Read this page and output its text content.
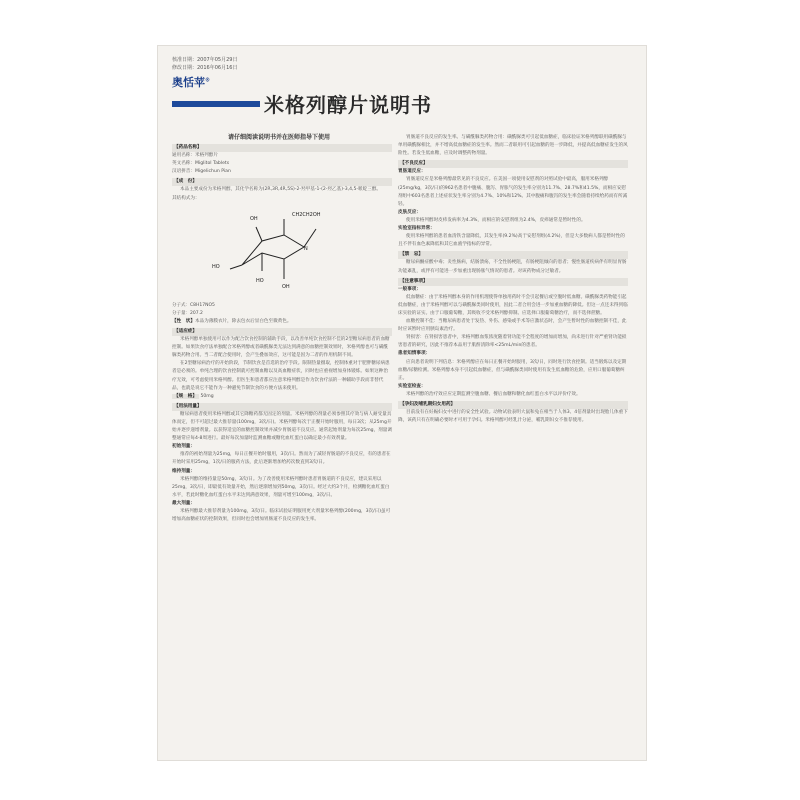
核准日期：2007年05月29日
修改日期：2016年06月16日
奥恬苹®
米格列醇片说明书
请仔细阅读说明书并在医师指导下使用
【药品名称】
通用名称：米格列醇片
英文名称：Miglitol Tablets
汉语拼音：Migelichun Pian
【成　份】
本品主要成份为米格列醇，其化学名称为(2R,3R,4R,5S)-2-羟甲基-1-(2-羟乙基)-3,4,5-哌啶三醇。
其结构式为：
OH
CH2CH2OH
N
HO
HO
OH
分子式：C8H17NO5
分子量：207.2
【性　状】本品为薄膜衣片，除去包衣后显白色至微黄色。
【适应症】
米格列醇单独使用可以作为配合饮食控制的辅助手段，以改善单纯饮食控制不佳的2型糖尿病患者的血糖控制。如果饮食疗法单独配合米格列醇或者磺酰脲类无法达到满意的血糖控制效果时，米格列醇也可与磺酰脲类药物合用。当二者配合使用时，会产生叠加效应，这可能是因为二者的作用机制不同。
在2型糖尿病治疗的开始阶段，节制饮食是首选的治疗手段。限制热量摄取，控制体重对于肥胖糖尿病患者是必须的。单纯合理的饮食控制就可控制血糖以及高血糖症状，同时也应重视增加身体锻炼。如果这种治疗无效，可考虑使用米格列醇。但医生和患者都应注意米格列醇是作为饮食疗法的一种辅助手段而非替代品，也就是说它不能作为一种避免节制饮食的方便方法来使用。
【规　格】 50mg
【用法用量】
糖尿病患者使用米格列醇或其它降糖药都无固定的剂量。米格列醇的剂量必须参照其疗效与病人耐受量具体而定，但不可超过最大推荐量(100mg，3次/日)。米格列醇每次于正餐开始时服用，每日3次；从25mg开始并逐步递增剂量。以获得适宜的血糖控制效果并减少胃肠道不良反应。通常起始剂量为每次25mg，剂量调整通常应每4-8周进行。最好每次加量时监测血糖或糖化血红蛋白以确定最小有效剂量。
初始剂量：
推荐的初始剂量为25mg，每日正餐开始时服用，3次/日。然而为了减轻胃肠道的不良反应，有的患者在开始时采用25mg，1次/日的服药方法，此后逐渐增加给药次数直到3次/日。
维持剂量：
米格列醇的维持量是50mg，3次/日。为了改善使用米格列醇时患者胃肠道的不良反应，建议采用以25mg，3次/日，即最低有效量开始，然后逐渐增加到50mg，3次/日。经过大约3个月，检测糖化血红蛋白水平，若此时糖化血红蛋白水平未达到满意效果，剂量可增至100mg，3次/日。
最大剂量：
米格列醇最大推荐剂量为100mg，3次/日。临床试验证明服用更大剂量米格列醇(200mg，3次/日)虽可增加高血糖症状的控制效果，但同时也会增加胃肠道不良反应的发生率。
胃肠道不良反应的发生率。与磺酰脲类药物合用：磺酰脲类可引起低血糖症，临床验证米格列醇联用磺酰脲与单用磺酰脲相比，并不增高低血糖症的发生率。然而二者联用可引起血糖的进一步降低，并提高低血糖症发生的风险性。若发生低血糖，应及时调整药物剂量。
【不良反应】
胃肠道反应：
胃肠道反应是米格列醇最常见的不良反应。在美国一项使用安慰剂的对照试验中最高，服用米格列醇(25mg/kg，3次/日)的962名患者中腹痛、腹泻、胃胀气的发生率分别为11.7%、28.7%和41.5%，而相应安慰剂组中603名患者上述症状发生率分别为4.7%、10%和12%。其中腹痛和腹泻的发生率会随着持续给药而有所减轻。
皮肤反应：
使用米格列醇时皮疹发病率为4.3%，而相应的安慰剂组为2.4%，皮疹通常是暂时性的。
实验室指标异常：
使用米格列醇的患者血清铁含量降低，其发生率(9.2%)高于安慰剂组(4.2%)，但是大多数病人都是暂时性的且不伴有血色素降低和其它血液学指标的异常。
【禁　忌】
糖尿病酮症酸中毒；炎性肠病，结肠溃疡，不全性肠梗阻，有肠梗阻倾向的患者；慢性肠道疾病伴有明显胃肠功能紊乱，或伴有可能进一步加重出现肠胀气情况的患者。对该药物成分过敏者。
【注意事项】
一般事项：
低血糖症：由于米格列醇本身的作用机理使得单独用药时不会引起餐后或空腹时低血糖。磺酰脲类药物能引起低血糖症，由于米格列醇可以与磺酰脲类同时使用，因此二者合用会进一步加重血糖的降低。但这一点还未得到临床实验的证实。由于口服葡萄糖，其吸收不受米格列醇抑制。应选择口服葡萄糖治疗，而不选择蔗糖。
血糖控制不佳：当糖尿病患者处于发热、外伤、感染或手术等应激状态时，会产生暂时性的血糖控制不佳，此时应该暂时应用胰岛素治疗。
肾损害：在肾损害患者中，米格列醇血浆浓度随着肾功能不全程度的增加而增加，尚未进行针对严重肾功能损害患者的研究，因此不推荐本品用于肌酐清除率<25mL/min的患者。
患者知情事项：
应向患者说明下列信息：米格列醇应在每日正餐开始时服用，3次/日，同时进行饮食控制。适当锻炼以及定期血糖/尿糖检测。米格列醇本身不引起低血糖症，但与磺酰脲类同时使用有发生低血糖的危险，应用口服葡萄糖纠正。
实验室检查：
米格列醇的治疗效应应定期监测空腹血糖、餐后血糖和糖化血红蛋白水平以评价疗效。
【孕妇及哺乳期妇女用药】
目前没有在妊娠妇女中进行的安全性试验。动物试验表明大鼠和兔在相当于人体3、4倍剂量时出现胎儿体重下降，该药只有在明确必要时才可用于孕妇。米格列醇可经乳汁分泌，哺乳期妇女不推荐使用。
